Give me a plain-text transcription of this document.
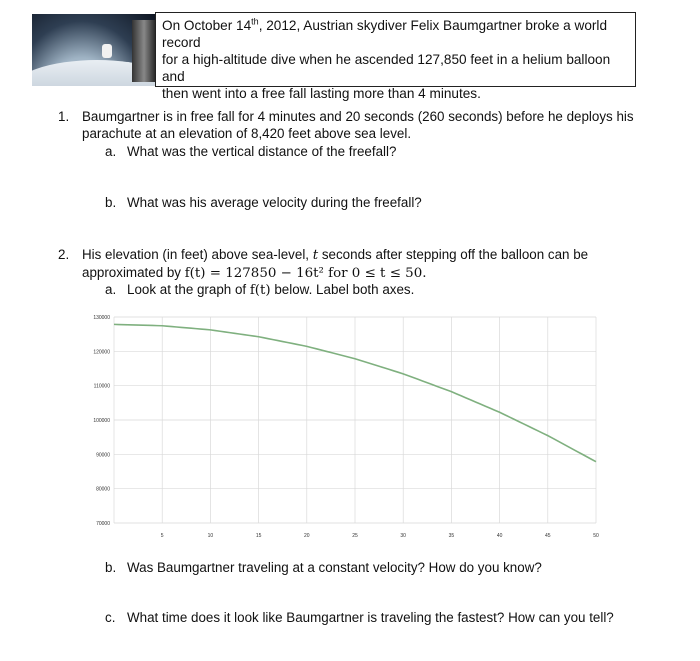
On October 14th, 2012, Austrian skydiver Felix Baumgartner broke a world record
for a high-altitude dive when he ascended 127,850 feet in a helium balloon and
then went into a free fall lasting more than 4 minutes.
1. Baumgartner is in free fall for 4 minutes and 20 seconds (260 seconds) before he deploys his
parachute at an elevation of 8,420 feet above sea level.
a. What was the vertical distance of the freefall?
b. What was his average velocity during the freefall?
2. His elevation (in feet) above sea-level, t seconds after stepping off the balloon can be
approximated by f(t) = 127850 − 16t² for 0 ≤ t ≤ 50.
a. Look at the graph of f(t) below. Label both axes.
130000
120000
110000
100000
90000
80000
70000
5	10	15	20	25	30	35	40	45	50
b. Was Baumgartner traveling at a constant velocity? How do you know?
c. What time does it look like Baumgartner is traveling the fastest? How can you tell?
